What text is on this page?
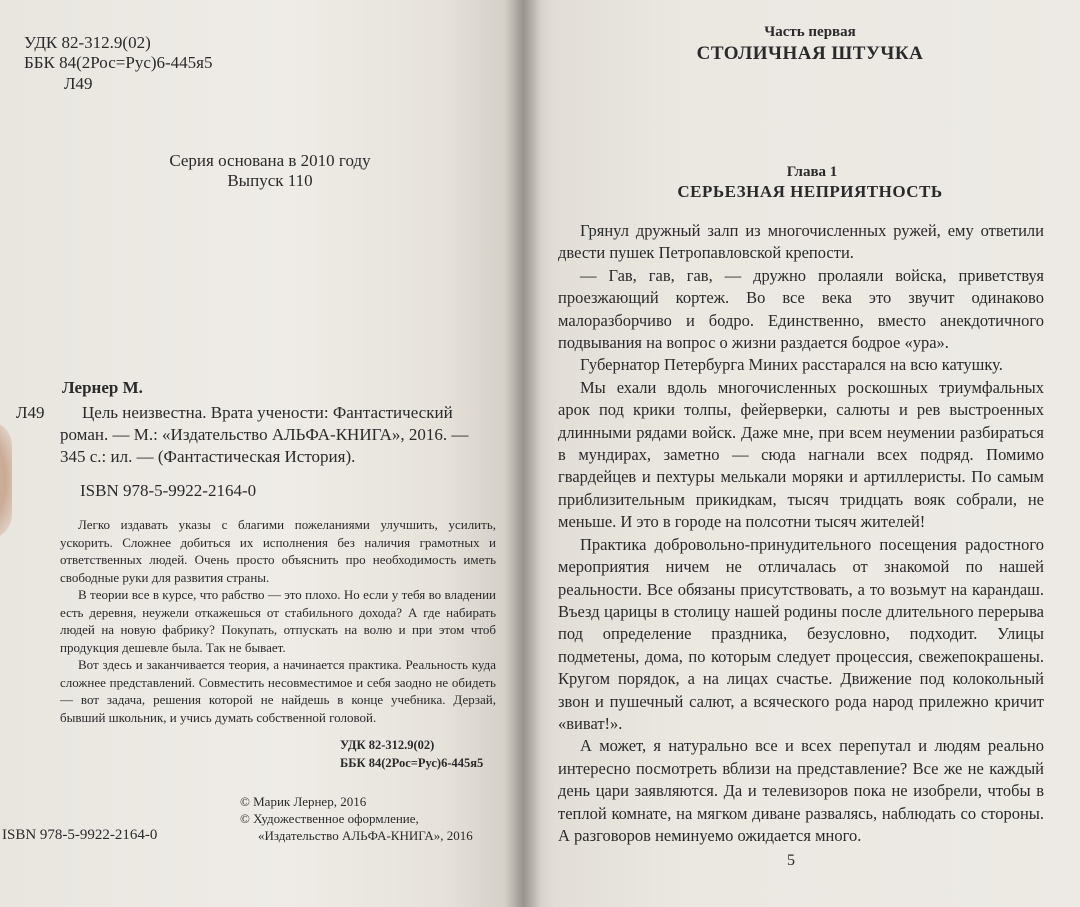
УДК 82-312.9(02)
ББК 84(2Рос=Рус)6-445я5
Л49
Серия основана в 2010 году
Выпуск 110
Лернер М.
Л49 Цель неизвестна. Врата учености: Фантастический
роман. — М.: «Издательство АЛЬФА-КНИГА», 2016. —
345 с.: ил. — (Фантастическая История).
ISBN 978-5-9922-2164-0

Легко издавать указы с благими пожеланиями улучшить, усилить, ускорить. Сложнее добиться их исполнения без наличия грамотных и ответственных людей. Очень просто объяснить про необходимость иметь свободные руки для развития страны.

В теории все в курсе, что рабство — это плохо. Но если у тебя во владении есть деревня, неужели откажешься от стабильного дохода? А где набирать людей на новую фабрику? Покупать, отпускать на волю и при этом чтоб продукция дешевле была. Так не бывает.

Вот здесь и заканчивается теория, а начинается практика. Реальность куда сложнее представлений. Совместить несовместимое и себя заодно не обидеть — вот задача, решения которой не найдешь в конце учебника. Дерзай, бывший школьник, и учись думать собственной головой.

УДК 82-312.9(02)
ББК 84(2Рос=Рус)6-445я5
© Марик Лернер, 2016
© Художественное оформление,
«Издательство АЛЬФА-КНИГА», 2016
ISBN 978-5-9922-2164-0
Часть первая
СТОЛИЧНАЯ ШТУЧКА
Глава 1
СЕРЬЕЗНАЯ НЕПРИЯТНОСТЬ

Грянул дружный залп из многочисленных ружей, ему ответили двести пушек Петропавловской крепости.

— Гав, гав, гав, — дружно пролаяли войска, приветствуя проезжающий кортеж. Во все века это звучит одинаково малоразборчиво и бодро. Единственно, вместо анекдотичного подвывания на вопрос о жизни раздается бодрое «ура».

Губернатор Петербурга Миних расстарался на всю катушку.

Мы ехали вдоль многочисленных роскошных триумфальных арок под крики толпы, фейерверки, салюты и рев выстроенных длинными рядами войск. Даже мне, при всем неумении разбираться в мундирах, заметно — сюда нагнали всех подряд. Помимо гвардейцев и пехтуры мелькали моряки и артиллеристы. По самым приблизительным прикидкам, тысяч тридцать вояк собрали, не меньше. И это в городе на полсотни тысяч жителей!

Практика добровольно-принудительного посещения радостного мероприятия ничем не отличалась от знакомой по нашей реальности. Все обязаны присутствовать, а то возьмут на карандаш. Въезд царицы в столицу нашей родины после длительного перерыва под определение праздника, безусловно, подходит. Улицы подметены, дома, по которым следует процессия, свежепокрашены. Кругом порядок, а на лицах счастье. Движение под колокольный звон и пушечный салют, а всяческого рода народ прилежно кричит «виват!».

А может, я натурально все и всех перепутал и людям реально интересно посмотреть вблизи на представление? Все же не каждый день цари заявляются. Да и телевизоров пока не изобрели, чтобы в теплой комнате, на мягком диване развалясь, наблюдать со стороны. А разговоров неминуемо ожидается много.

5
